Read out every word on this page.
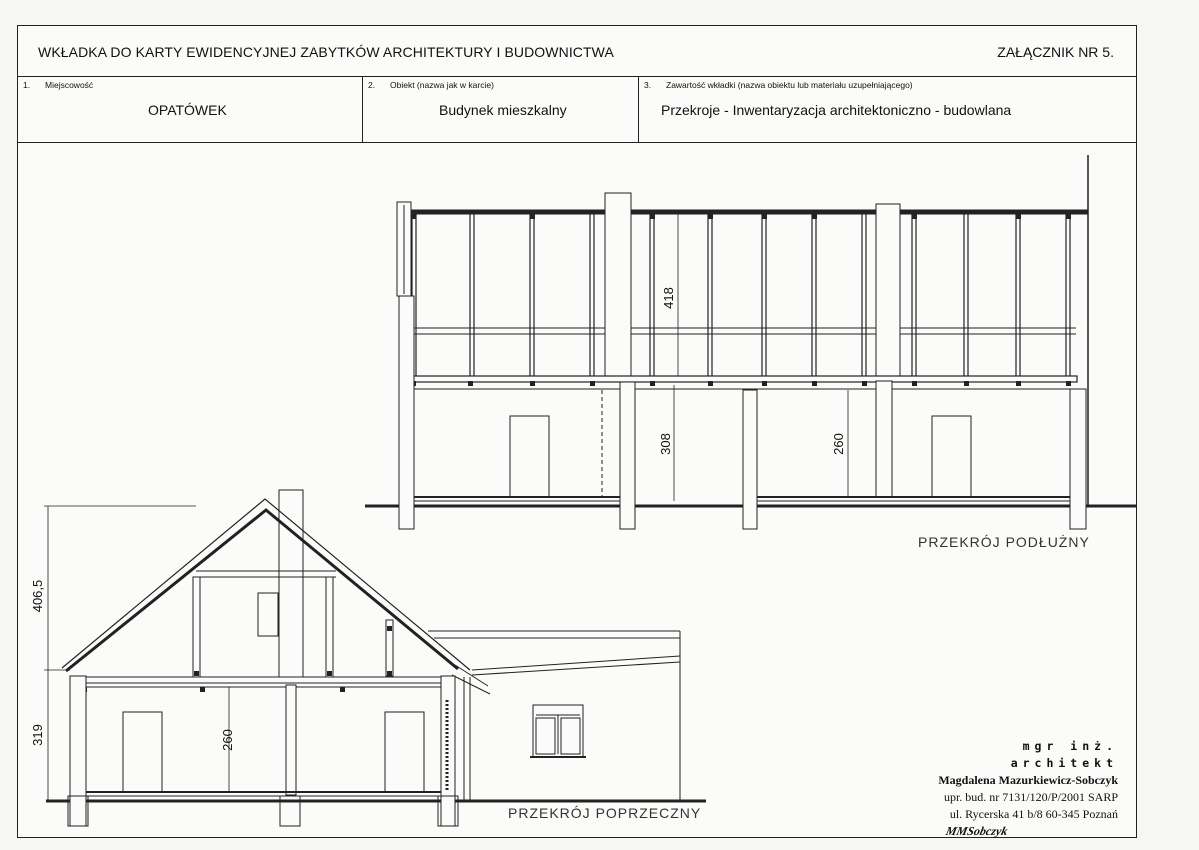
WKŁADKA DO KARTY EWIDENCYJNEJ ZABYTKÓW ARCHITEKTURY I BUDOWNICTWA	ZAŁĄCZNIK NR 5.
1. Miejscowość
OPATÓWEK
2. Obiekt (nazwa jak w karcie)
Budynek mieszkalny
3. Zawartość wkładki (nazwa obiektu lub materiału uzupełniającego)
Przekroje - Inwentaryzacja architektoniczno - budowlana
418
308	260
PRZEKRÓJ PODŁUŻNY
406,5
319	260
PRZEKRÓJ POPRZECZNY
mgr inż. architekt
Magdalena Mazurkiewicz-Sobczyk
upr. bud. nr 7131/120/P/2001 SARP
ul. Rycerska 41 b/8 60-345 Poznań
MMSobczyk
